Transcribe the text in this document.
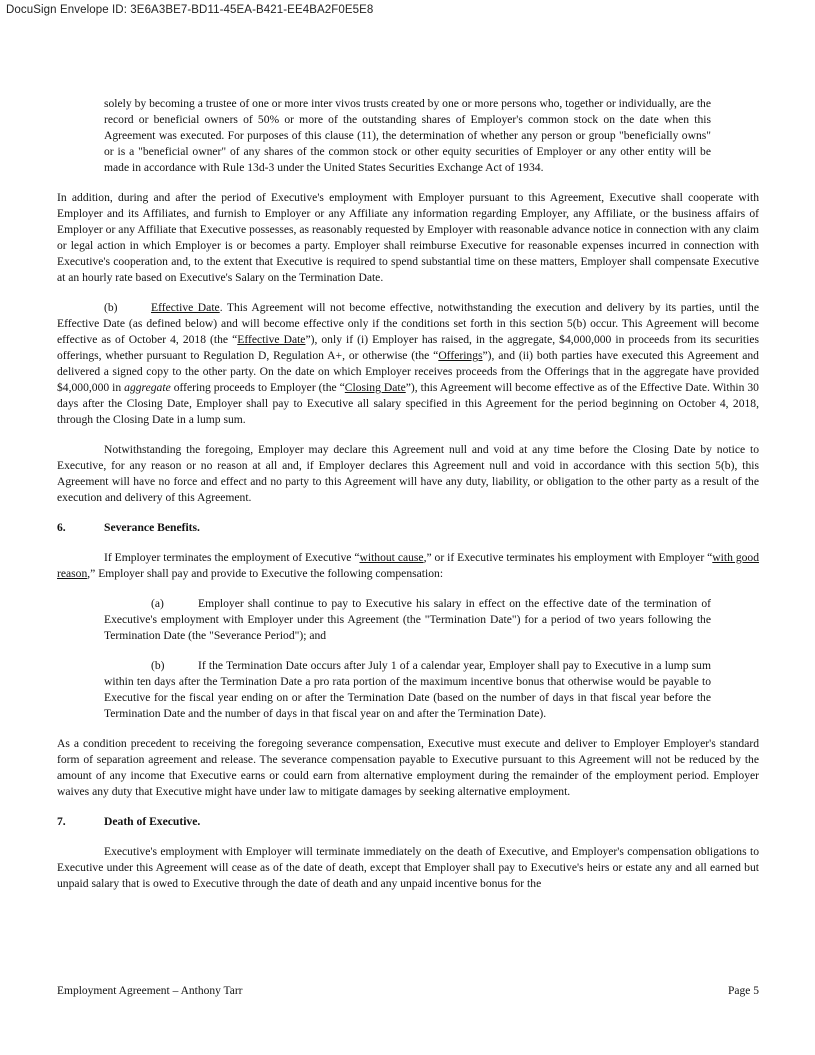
DocuSign Envelope ID: 3E6A3BE7-BD11-45EA-B421-EE4BA2F0E5E8

solely by becoming a trustee of one or more inter vivos trusts created by one or more persons who, together or individually, are the record or beneficial owners of 50% or more of the outstanding shares of Employer's common stock on the date when this Agreement was executed. For purposes of this clause (11), the determination of whether any person or group "beneficially owns" or is a "beneficial owner" of any shares of the common stock or other equity securities of Employer or any other entity will be made in accordance with Rule 13d-3 under the United States Securities Exchange Act of 1934.

In addition, during and after the period of Executive's employment with Employer pursuant to this Agreement, Executive shall cooperate with Employer and its Affiliates, and furnish to Employer or any Affiliate any information regarding Employer, any Affiliate, or the business affairs of Employer or any Affiliate that Executive possesses, as reasonably requested by Employer with reasonable advance notice in connection with any claim or legal action in which Employer is or becomes a party. Employer shall reimburse Executive for reasonable expenses incurred in connection with Executive's cooperation and, to the extent that Executive is required to spend substantial time on these matters, Employer shall compensate Executive at an hourly rate based on Executive's Salary on the Termination Date.

(b)	Effective Date. This Agreement will not become effective, notwithstanding the execution and delivery by its parties, until the Effective Date (as defined below) and will become effective only if the conditions set forth in this section 5(b) occur. This Agreement will become effective as of October 4, 2018 (the “Effective Date”), only if (i) Employer has raised, in the aggregate, $4,000,000 in proceeds from its securities offerings, whether pursuant to Regulation D, Regulation A+, or otherwise (the “Offerings”), and (ii) both parties have executed this Agreement and delivered a signed copy to the other party. On the date on which Employer receives proceeds from the Offerings that in the aggregate have provided $4,000,000 in aggregate offering proceeds to Employer (the “Closing Date”), this Agreement will become effective as of the Effective Date. Within 30 days after the Closing Date, Employer shall pay to Executive all salary specified in this Agreement for the period beginning on October 4, 2018, through the Closing Date in a lump sum.

Notwithstanding the foregoing, Employer may declare this Agreement null and void at any time before the Closing Date by notice to Executive, for any reason or no reason at all and, if Employer declares this Agreement null and void in accordance with this section 5(b), this Agreement will have no force and effect and no party to this Agreement will have any duty, liability, or obligation to the other party as a result of the execution and delivery of this Agreement.

6.	Severance Benefits.

If Employer terminates the employment of Executive “without cause,” or if Executive terminates his employment with Employer “with good reason,” Employer shall pay and provide to Executive the following compensation:

(a)	Employer shall continue to pay to Executive his salary in effect on the effective date of the termination of Executive's employment with Employer under this Agreement (the "Termination Date") for a period of two years following the Termination Date (the "Severance Period"); and

(b)	If the Termination Date occurs after July 1 of a calendar year, Employer shall pay to Executive in a lump sum within ten days after the Termination Date a pro rata portion of the maximum incentive bonus that otherwise would be payable to Executive for the fiscal year ending on or after the Termination Date (based on the number of days in that fiscal year before the Termination Date and the number of days in that fiscal year on and after the Termination Date).

As a condition precedent to receiving the foregoing severance compensation, Executive must execute and deliver to Employer Employer's standard form of separation agreement and release. The severance compensation payable to Executive pursuant to this Agreement will not be reduced by the amount of any income that Executive earns or could earn from alternative employment during the remainder of the employment period. Employer waives any duty that Executive might have under law to mitigate damages by seeking alternative employment.

7.	Death of Executive.

Executive's employment with Employer will terminate immediately on the death of Executive, and Employer's compensation obligations to Executive under this Agreement will cease as of the date of death, except that Employer shall pay to Executive's heirs or estate any and all earned but unpaid salary that is owed to Executive through the date of death and any unpaid incentive bonus for the

Employment Agreement – Anthony Tarr	Page 5
